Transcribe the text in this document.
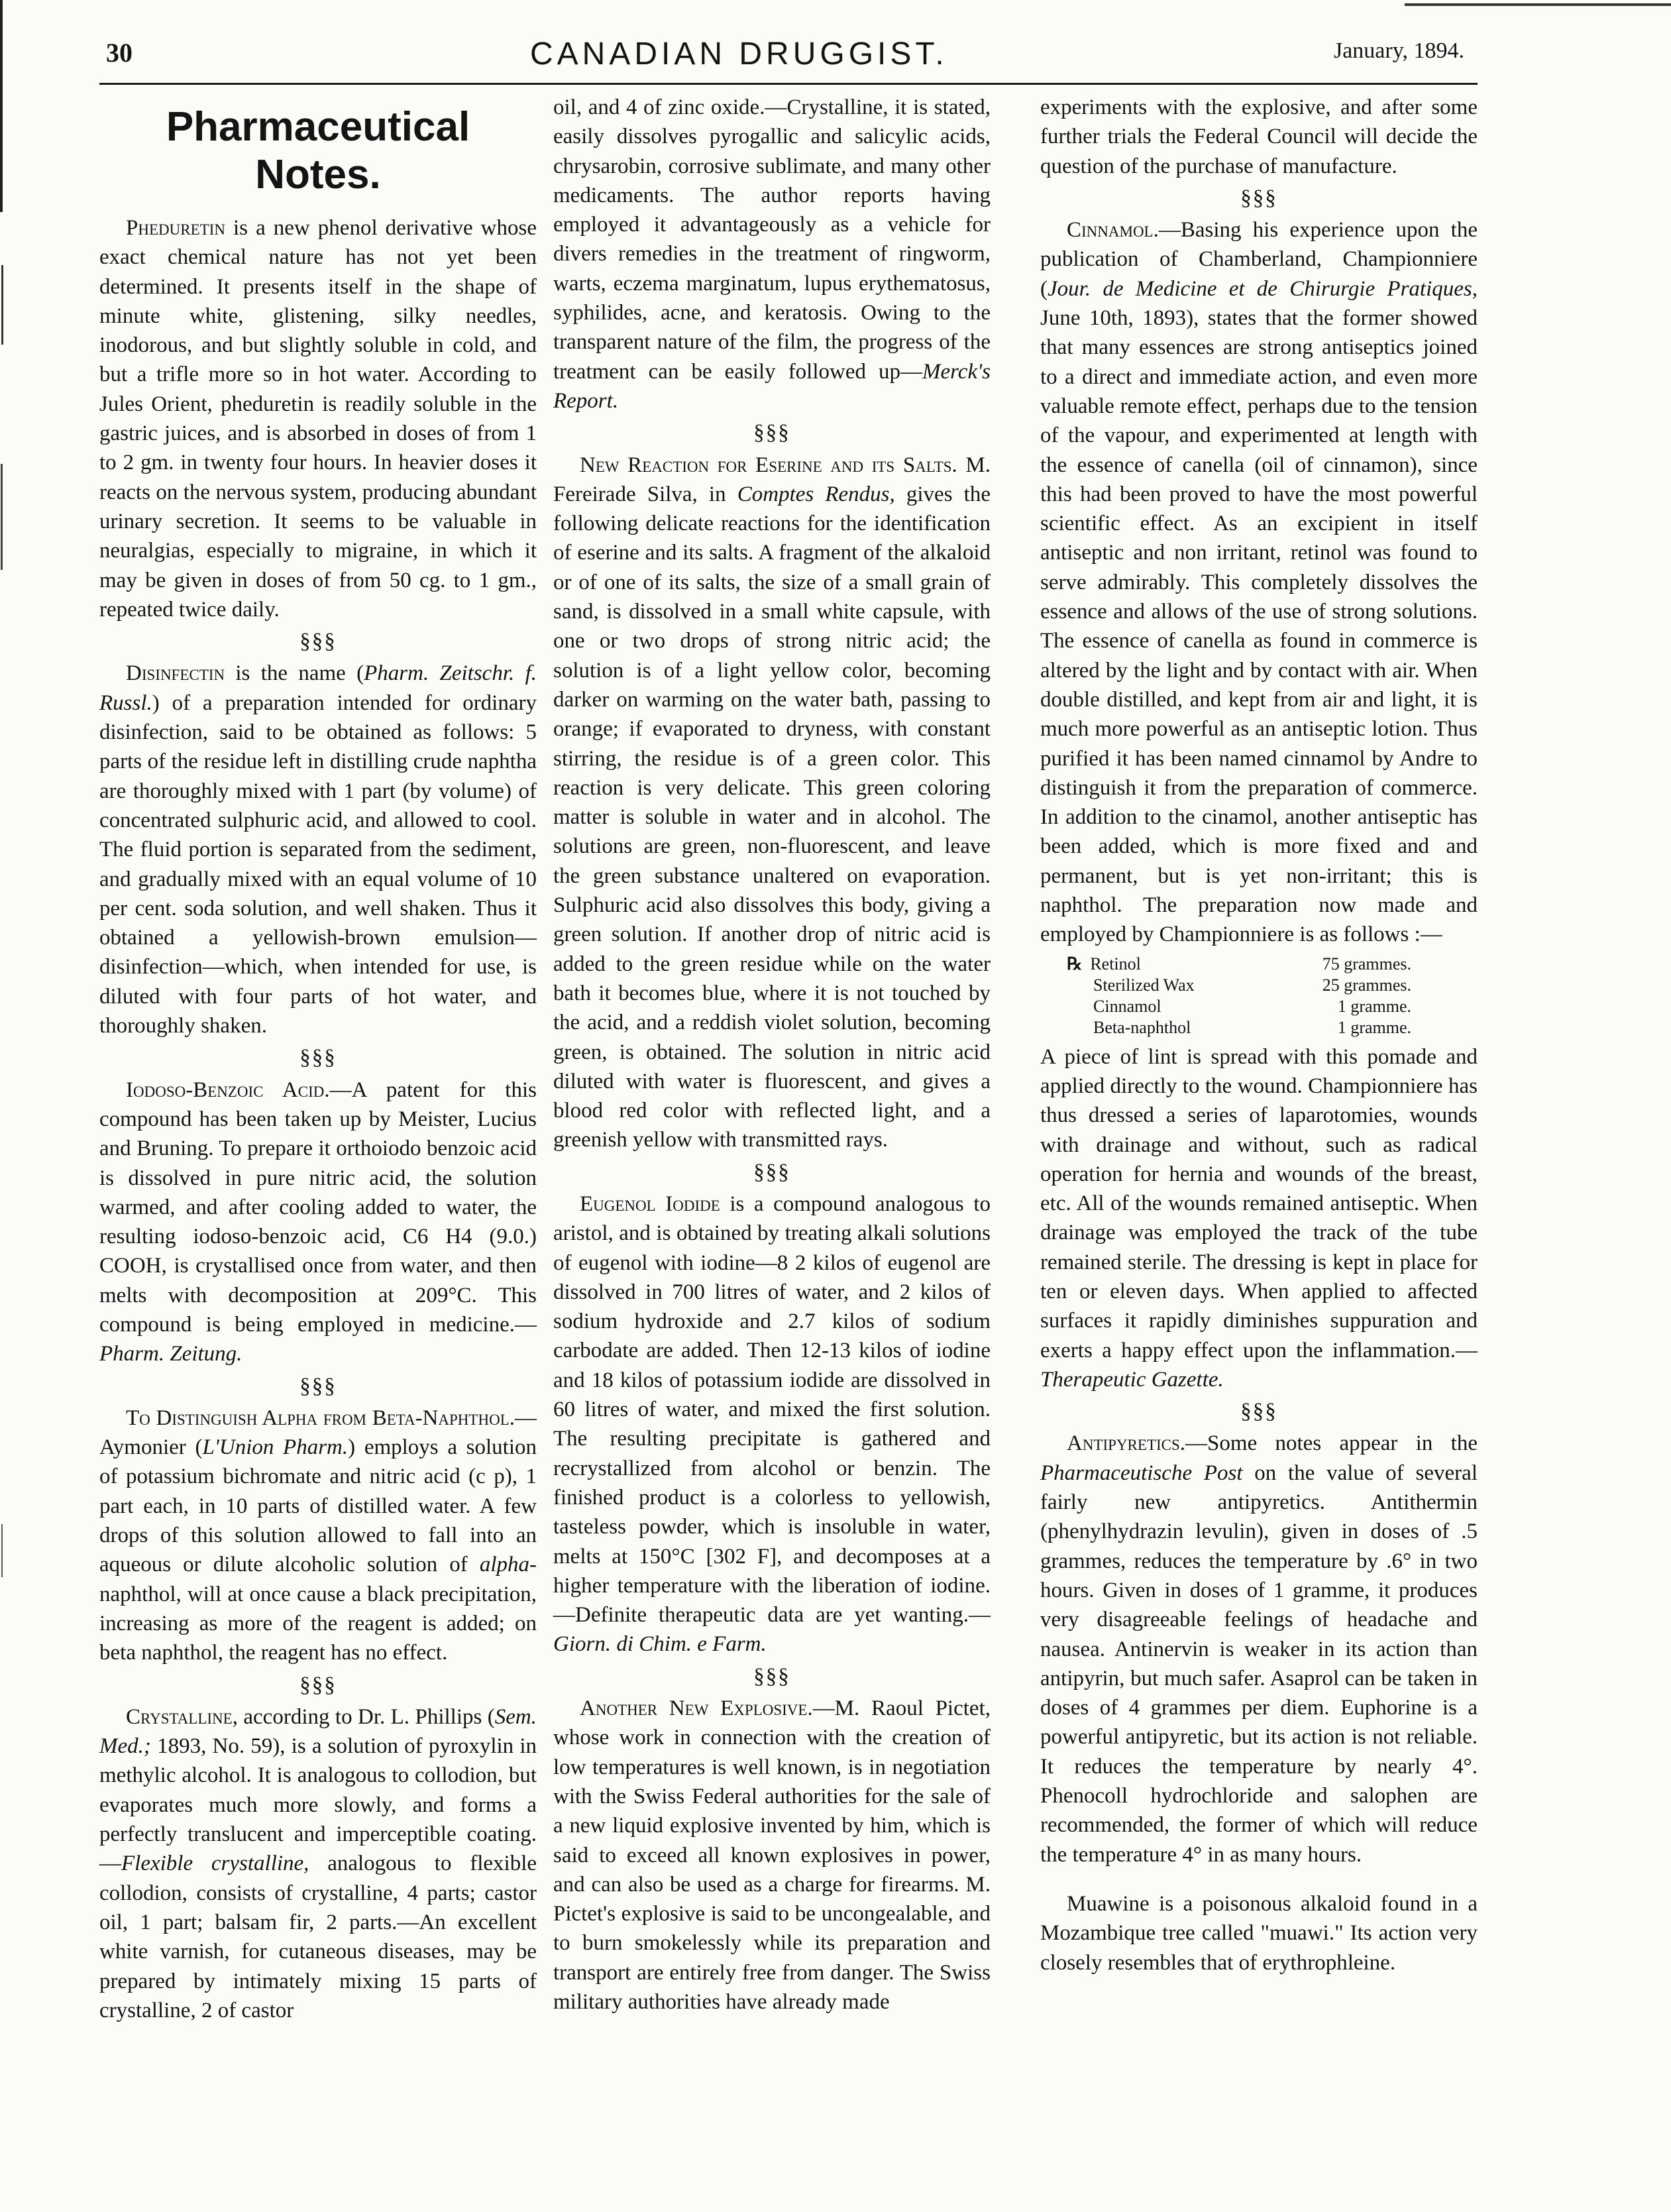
30	CANADIAN DRUGGIST.	January, 1894.
Pharmaceutical Notes.

Pheduretin is a new phenol derivative whose exact chemical nature has not yet been determined. It presents itself in the shape of minute white, glistening, silky needles, inodorous, and but slightly soluble in cold, and but a trifle more so in hot water. According to Jules Orient, pheduretin is readily soluble in the gastric juices, and is absorbed in doses of from 1 to 2 gm. in twenty four hours. In heavier doses it reacts on the nervous system, producing abundant urinary secretion. It seems to be valuable in neuralgias, especially to migraine, in which it may be given in doses of from 50 cg. to 1 gm., repeated twice daily.

§§§

Disinfectin is the name (Pharm. Zeitschr. f. Russl.) of a preparation intended for ordinary disinfection, said to be obtained as follows: 5 parts of the residue left in distilling crude naphtha are thoroughly mixed with 1 part (by volume) of concentrated sulphuric acid, and allowed to cool. The fluid portion is separated from the sediment, and gradually mixed with an equal volume of 10 per cent. soda solution, and well shaken. Thus it obtained a yellowish-brown emulsion—disinfection—which, when intended for use, is diluted with four parts of hot water, and thoroughly shaken.

§§§

Iodoso-Benzoic Acid.—A patent for this compound has been taken up by Meister, Lucius and Bruning. To prepare it orthoiodo benzoic acid is dissolved in pure nitric acid, the solution warmed, and after cooling added to water, the resulting iodoso-benzoic acid, C6 H4 (9.0.) COOH, is crystallised once from water, and then melts with decomposition at 209°C. This compound is being employed in medicine.—Pharm. Zeitung.

§§§

To Distinguish Alpha from Beta-Naphthol.—Aymonier (L'Union Pharm.) employs a solution of potassium bichromate and nitric acid (c p), 1 part each, in 10 parts of distilled water. A few drops of this solution allowed to fall into an aqueous or dilute alcoholic solution of alpha-naphthol, will at once cause a black precipitation, increasing as more of the reagent is added; on beta naphthol, the reagent has no effect.

§§§

Crystalline, according to Dr. L. Phillips (Sem. Med.; 1893, No. 59), is a solution of pyroxylin in methylic alcohol. It is analogous to collodion, but evaporates much more slowly, and forms a perfectly translucent and imperceptible coating.—Flexible crystalline, analogous to flexible collodion, consists of crystalline, 4 parts; castor oil, 1 part; balsam fir, 2 parts.—An excellent white varnish, for cutaneous diseases, may be prepared by intimately mixing 15 parts of crystalline, 2 of castor

oil, and 4 of zinc oxide.—Crystalline, it is stated, easily dissolves pyrogallic and salicylic acids, chrysarobin, corrosive sublimate, and many other medicaments. The author reports having employed it advantageously as a vehicle for divers remedies in the treatment of ringworm, warts, eczema marginatum, lupus erythematosus, syphilides, acne, and keratosis. Owing to the transparent nature of the film, the progress of the treatment can be easily followed up—Merck's Report.

§§§

New Reaction for Eserine and its Salts. M. Fereirade Silva, in Comptes Rendus, gives the following delicate reactions for the identification of eserine and its salts. A fragment of the alkaloid or of one of its salts, the size of a small grain of sand, is dissolved in a small white capsule, with one or two drops of strong nitric acid; the solution is of a light yellow color, becoming darker on warming on the water bath, passing to orange; if evaporated to dryness, with constant stirring, the residue is of a green color. This reaction is very delicate. This green coloring matter is soluble in water and in alcohol. The solutions are green, non-fluorescent, and leave the green substance unaltered on evaporation. Sulphuric acid also dissolves this body, giving a green solution. If another drop of nitric acid is added to the green residue while on the water bath it becomes blue, where it is not touched by the acid, and a reddish violet solution, becoming green, is obtained. The solution in nitric acid diluted with water is fluorescent, and gives a blood red color with reflected light, and a greenish yellow with transmitted rays.

§§§

Eugenol Iodide is a compound analogous to aristol, and is obtained by treating alkali solutions of eugenol with iodine—8 2 kilos of eugenol are dissolved in 700 litres of water, and 2 kilos of sodium hydroxide and 2.7 kilos of sodium carbodate are added. Then 12-13 kilos of iodine and 18 kilos of potassium iodide are dissolved in 60 litres of water, and mixed the first solution. The resulting precipitate is gathered and recrystallized from alcohol or benzin. The finished product is a colorless to yellowish, tasteless powder, which is insoluble in water, melts at 150°C [302 F], and decomposes at a higher temperature with the liberation of iodine.—Definite therapeutic data are yet wanting.—Giorn. di Chim. e Farm.

§§§

Another New Explosive.—M. Raoul Pictet, whose work in connection with the creation of low temperatures is well known, is in negotiation with the Swiss Federal authorities for the sale of a new liquid explosive invented by him, which is said to exceed all known explosives in power, and can also be used as a charge for firearms. M. Pictet's explosive is said to be uncongealable, and to burn smokelessly while its preparation and transport are entirely free from danger. The Swiss military authorities have already made

experiments with the explosive, and after some further trials the Federal Council will decide the question of the purchase of manufacture.

§§§

Cinnamol.—Basing his experience upon the publication of Chamberland, Championniere (Jour. de Medicine et de Chirurgie Pratiques, June 10th, 1893), states that the former showed that many essences are strong antiseptics joined to a direct and immediate action, and even more valuable remote effect, perhaps due to the tension of the vapour, and experimented at length with the essence of canella (oil of cinnamon), since this had been proved to have the most powerful scientific effect. As an excipient in itself antiseptic and non irritant, retinol was found to serve admirably. This completely dissolves the essence and allows of the use of strong solutions. The essence of canella as found in commerce is altered by the light and by contact with air. When double distilled, and kept from air and light, it is much more powerful as an antiseptic lotion. Thus purified it has been named cinnamol by Andre to distinguish it from the preparation of commerce. In addition to the cinamol, another antiseptic has been added, which is more fixed and and permanent, but is yet non-irritant; this is naphthol. The preparation now made and employed by Championniere is as follows :—

℞ Retinol	75 grammes.
Sterilized Wax	25 grammes.
Cinnamol	1 gramme.
Beta-naphthol	1 gramme.

A piece of lint is spread with this pomade and applied directly to the wound. Championniere has thus dressed a series of laparotomies, wounds with drainage and without, such as radical operation for hernia and wounds of the breast, etc. All of the wounds remained antiseptic. When drainage was employed the track of the tube remained sterile. The dressing is kept in place for ten or eleven days. When applied to affected surfaces it rapidly diminishes suppuration and exerts a happy effect upon the inflammation.—Therapeutic Gazette.

§§§

Antipyretics.—Some notes appear in the Pharmaceutische Post on the value of several fairly new antipyretics. Antithermin (phenylhydrazin levulin), given in doses of .5 grammes, reduces the temperature by .6° in two hours. Given in doses of 1 gramme, it produces very disagreeable feelings of headache and nausea. Antinervin is weaker in its action than antipyrin, but much safer. Asaprol can be taken in doses of 4 grammes per diem. Euphorine is a powerful antipyretic, but its action is not reliable. It reduces the temperature by nearly 4°. Phenocoll hydrochloride and salophen are recommended, the former of which will reduce the temperature 4° in as many hours.

Muawine is a poisonous alkaloid found in a Mozambique tree called "muawi." Its action very closely resembles that of erythrophleine.
